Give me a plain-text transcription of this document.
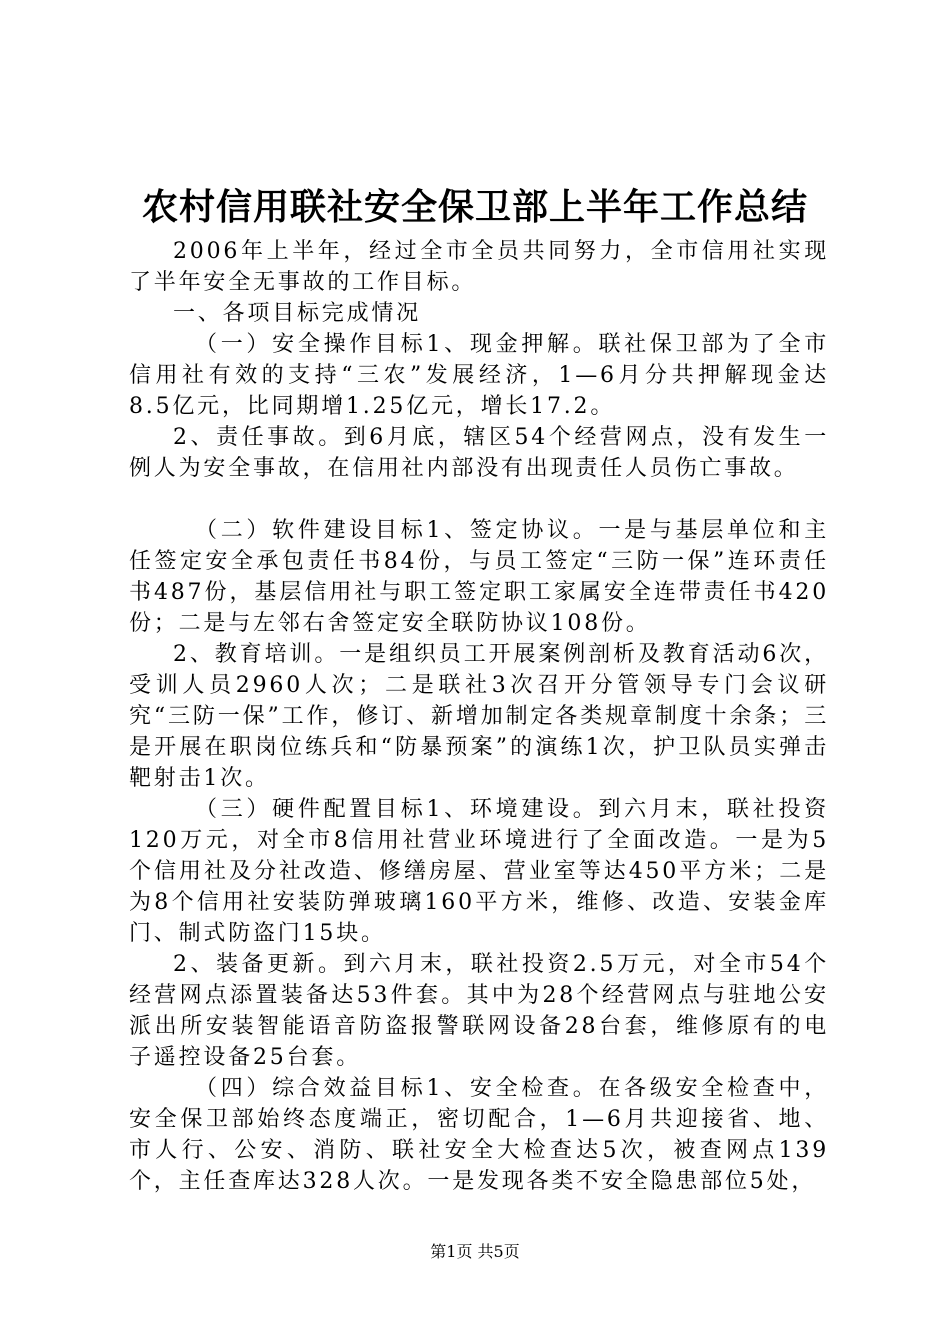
农村信用联社安全保卫部上半年工作总结

2006年上半年，经过全市全员共同努力，全市信用社实现了半年安全无事故的工作目标。

一、各项目标完成情况

（一）安全操作目标1、现金押解。联社保卫部为了全市信用社有效的支持“三农”发展经济，1—6月分共押解现金达8.5亿元，比同期增1.25亿元，增长17.2。

2、责任事故。到6月底，辖区54个经营网点，没有发生一例人为安全事故，在信用社内部没有出现责任人员伤亡事故。

（二）软件建设目标1、签定协议。一是与基层单位和主任签定安全承包责任书84份，与员工签定“三防一保”连环责任书487份，基层信用社与职工签定职工家属安全连带责任书420份；二是与左邻右舍签定安全联防协议108份。

2、教育培训。一是组织员工开展案例剖析及教育活动6次，受训人员2960人次；二是联社3次召开分管领导专门会议研究“三防一保”工作，修订、新增加制定各类规章制度十余条；三是开展在职岗位练兵和“防暴预案”的演练1次，护卫队员实弹击靶射击1次。

（三）硬件配置目标1、环境建设。到六月末，联社投资120万元，对全市8信用社营业环境进行了全面改造。一是为5个信用社及分社改造、修缮房屋、营业室等达450平方米；二是为8个信用社安装防弹玻璃160平方米，维修、改造、安装金库门、制式防盗门15块。

2、装备更新。到六月末，联社投资2.5万元，对全市54个经营网点添置装备达53件套。其中为28个经营网点与驻地公安派出所安装智能语音防盗报警联网设备28台套，维修原有的电子遥控设备25台套。

（四）综合效益目标1、安全检查。在各级安全检查中，安全保卫部始终态度端正，密切配合，1—6月共迎接省、地、市人行、公安、消防、联社安全大检查达5次，被查网点139个，主任查库达328人次。一是发现各类不安全隐患部位5处，

第1页 共5页
